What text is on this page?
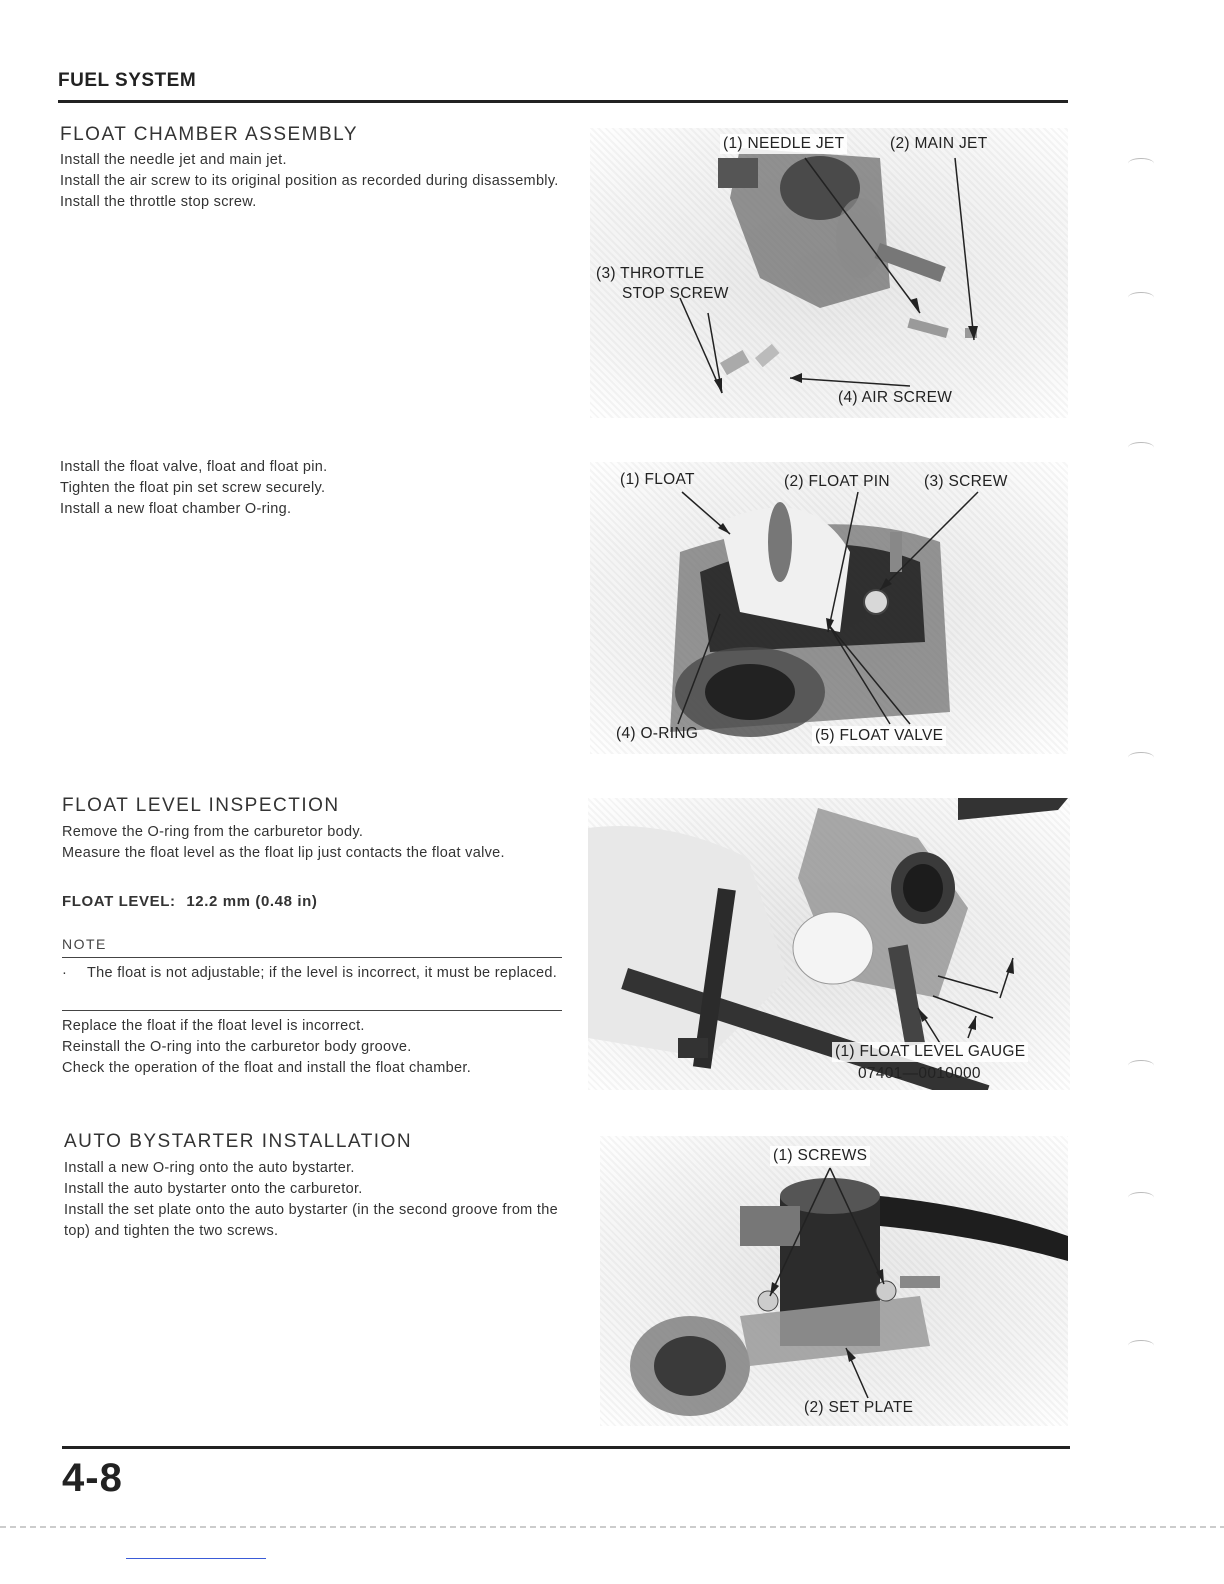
FUEL SYSTEM
FLOAT CHAMBER ASSEMBLY

Install the needle jet and main jet.

Install the air screw to its original position as recorded during disassembly.

Install the throttle stop screw.

(1) NEEDLE JET	(2) MAIN JET
(3) THROTTLE
STOP SCREW
(4) AIR SCREW

Install the float valve, float and float pin.

Tighten the float pin set screw securely.

Install a new float chamber O-ring.

(1) FLOAT	(2) FLOAT PIN (3) SCREW
(4) O-RING	(5) FLOAT VALVE
FLOAT LEVEL INSPECTION

Remove the O-ring from the carburetor body.

Measure the float level as the float lip just contacts the float valve.

FLOAT LEVEL: 12.2 mm (0.48 in)
NOTE
· The float is not adjustable; if the level is incorrect, it must be replaced.

Replace the float if the float level is incorrect.

Reinstall the O-ring into the carburetor body groove.

Check the operation of the float and install the float chamber.

(1) FLOAT LEVEL GAUGE
07401—0010000
AUTO BYSTARTER INSTALLATION

Install a new O-ring onto the auto bystarter.

Install the auto bystarter onto the carburetor.

Install the set plate onto the auto bystarter (in the second groove from the top) and tighten the two screws.

(1) SCREWS
(2) SET PLATE
4-8
